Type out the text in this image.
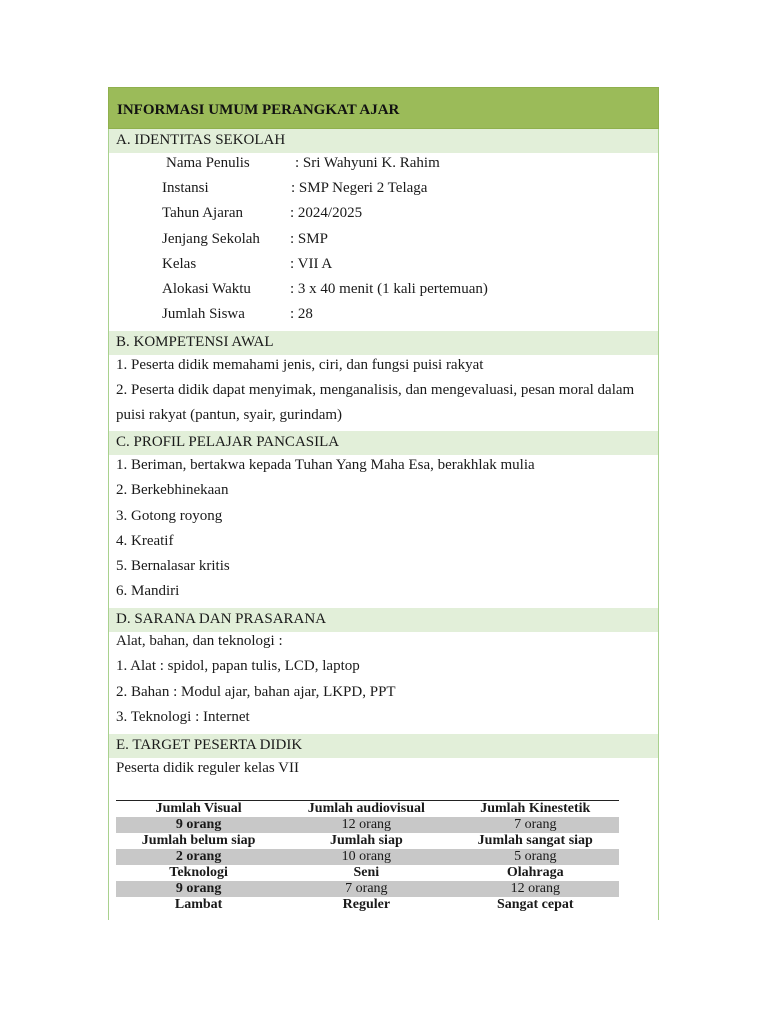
INFORMASI UMUM PERANGKAT AJAR
A. IDENTITAS SEKOLAH
Nama Penulis	: Sri Wahyuni K. Rahim
Instansi	: SMP Negeri 2 Telaga
Tahun Ajaran	: 2024/2025
Jenjang Sekolah : SMP
Kelas	: VII A
Alokasi Waktu	: 3 x 40 menit (1 kali pertemuan)
Jumlah Siswa	: 28
B. KOMPETENSI AWAL
1. Peserta didik memahami jenis, ciri, dan fungsi puisi rakyat
2. Peserta didik dapat menyimak, menganalisis, dan mengevaluasi, pesan moral dalam
puisi rakyat (pantun, syair, gurindam)
C. PROFIL PELAJAR PANCASILA
1. Beriman, bertakwa kepada Tuhan Yang Maha Esa, berakhlak mulia
2. Berkebhinekaan
3. Gotong royong
4. Kreatif
5. Bernalasar kritis
6. Mandiri
D. SARANA DAN PRASARANA
Alat, bahan, dan teknologi :
1. Alat : spidol, papan tulis, LCD, laptop
2. Bahan : Modul ajar, bahan ajar, LKPD, PPT
3. Teknologi : Internet
E. TARGET PESERTA DIDIK
Peserta didik reguler kelas VII
Jumlah Visual	Jumlah audiovisual	Jumlah Kinestetik
9 orang	12 orang	7 orang
Jumlah belum siap	Jumlah siap	Jumlah sangat siap
2 orang	10 orang	5 orang
Teknologi	Seni	Olahraga
9 orang	7 orang	12 orang
Lambat	Reguler	Sangat cepat
